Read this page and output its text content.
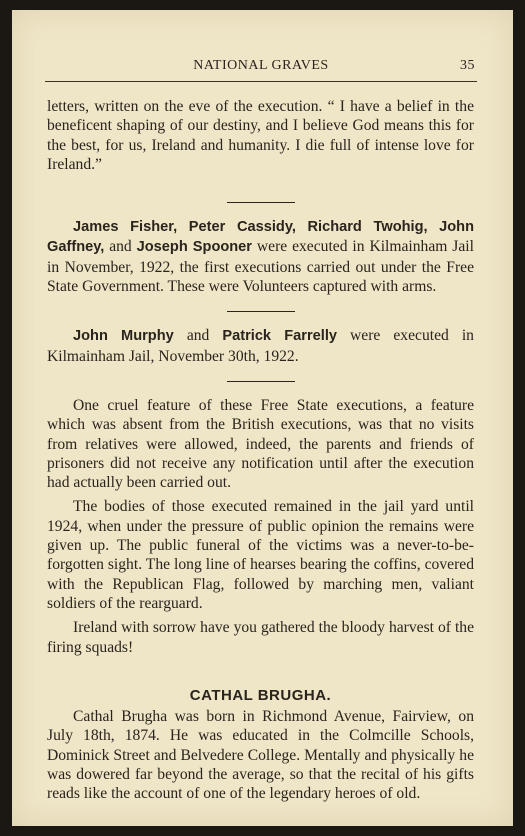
NATIONAL GRAVES	35

letters, written on the eve of the execution. “ I have a belief in the beneficent shaping of our destiny, and I believe God means this for the best, for us, Ireland and humanity. I die full of intense love for Ireland.”

James Fisher, Peter Cassidy, Richard Twohig, John Gaffney, and Joseph Spooner were executed in Kilmainham Jail in November, 1922, the first executions carried out under the Free State Government. These were Volunteers captured with arms.

John Murphy and Patrick Farrelly were executed in Kilmainham Jail, November 30th, 1922.

One cruel feature of these Free State executions, a feature which was absent from the British executions, was that no visits from relatives were allowed, indeed, the parents and friends of prisoners did not receive any notification until after the execution had actually been carried out.

The bodies of those executed remained in the jail yard until 1924, when under the pressure of public opinion the remains were given up. The public funeral of the victims was a never-to-be-forgotten sight. The long line of hearses bearing the coffins, covered with the Republican Flag, followed by marching men, valiant soldiers of the rearguard.

Ireland with sorrow have you gathered the bloody harvest of the firing squads!

CATHAL BRUGHA.

Cathal Brugha was born in Richmond Avenue, Fairview, on July 18th, 1874. He was educated in the Colmcille Schools, Dominick Street and Belvedere College. Mentally and physically he was dowered far beyond the average, so that the recital of his gifts reads like the account of one of the legendary heroes of old.
